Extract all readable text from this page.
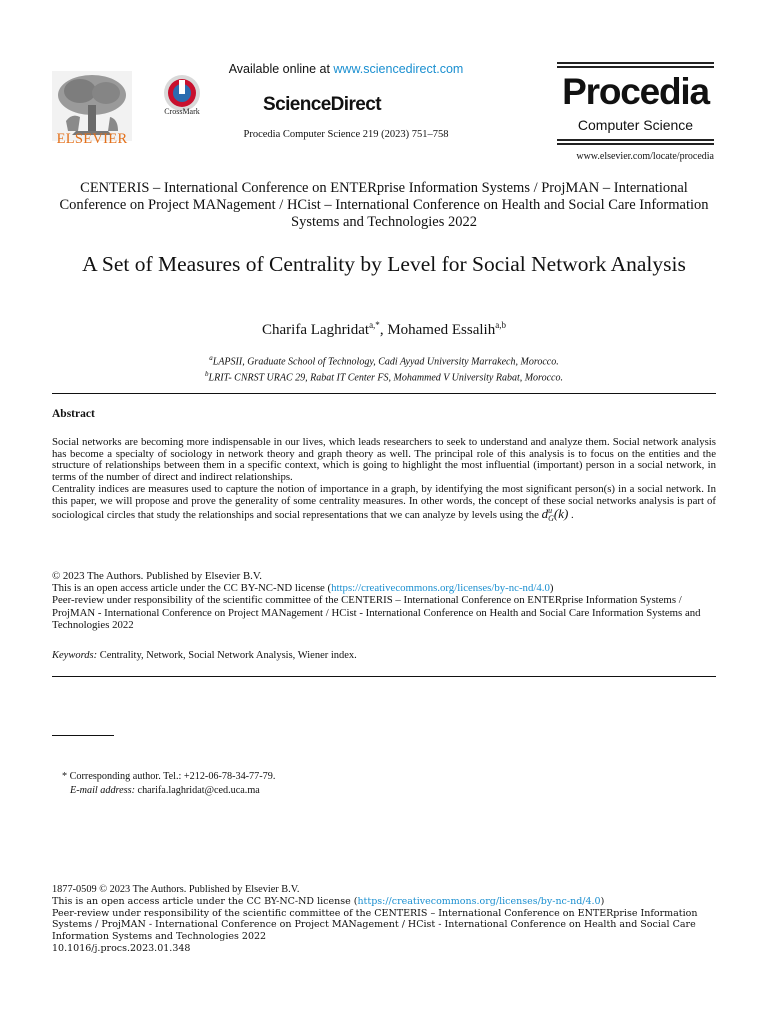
ELSEVIER
CrossMark
Available online at www.sciencedirect.com
ScienceDirect
Procedia Computer Science 219 (2023) 751–758
Procedia
Computer Science
www.elsevier.com/locate/procedia
CENTERIS – International Conference on ENTERprise Information Systems / ProjMAN – International Conference on Project MANagement / HCist – International Conference on Health and Social Care Information Systems and Technologies 2022
A Set of Measures of Centrality by Level for Social Network Analysis
Charifa Laghridat$^{a,*}$, Mohamed Essalih$^{a,b}$
$^a$LAPSII, Graduate School of Technology, Cadi Ayyad University Marrakech, Morocco.
$^b$LRIT- CNRST URAC 29, Rabat IT Center FS, Mohammed V University Rabat, Morocco.
Abstract

Social networks are becoming more indispensable in our lives, which leads researchers to seek to understand and analyze them. Social network analysis has become a specialty of sociology in network theory and graph theory as well. The principal role of this analysis is to focus on the entities and the structure of relationships between them in a specific context, which is going to highlight the most influential (important) person in a social network, in terms of the number of direct and indirect relationships.

Centrality indices are measures used to capture the notion of importance in a graph, by identifying the most significant person(s) in a social network. In this paper, we will propose and prove the generality of some centrality measures. In other words, the concept of these social networks analysis is part of sociological circles that study the relationships and social representations that we can analyze by levels using the d u
G (k) .

© 2023 The Authors. Published by Elsevier B.V.

This is an open access article under the CC BY-NC-ND license (https://creativecommons.org/licenses/by-nc-nd/4.0)

Peer-review under responsibility of the scientific committee of the CENTERIS – International Conference on ENTERprise Information Systems / ProjMAN - International Conference on Project MANagement / HCist - International Conference on Health and Social Care Information Systems and Technologies 2022

Keywords: Centrality, Network, Social Network Analysis, Wiener index.

* Corresponding author. Tel.: +212-06-78-34-77-79.

E-mail address: charifa.laghridat@ced.uca.ma

1877-0509 © 2023 The Authors. Published by Elsevier B.V.

This is an open access article under the CC BY-NC-ND license (https://creativecommons.org/licenses/by-nc-nd/4.0)

Peer-review under responsibility of the scientific committee of the CENTERIS – International Conference on ENTERprise Information Systems / ProjMAN - International Conference on Project MANagement / HCist - International Conference on Health and Social Care Information Systems and Technologies 2022

10.1016/j.procs.2023.01.348
